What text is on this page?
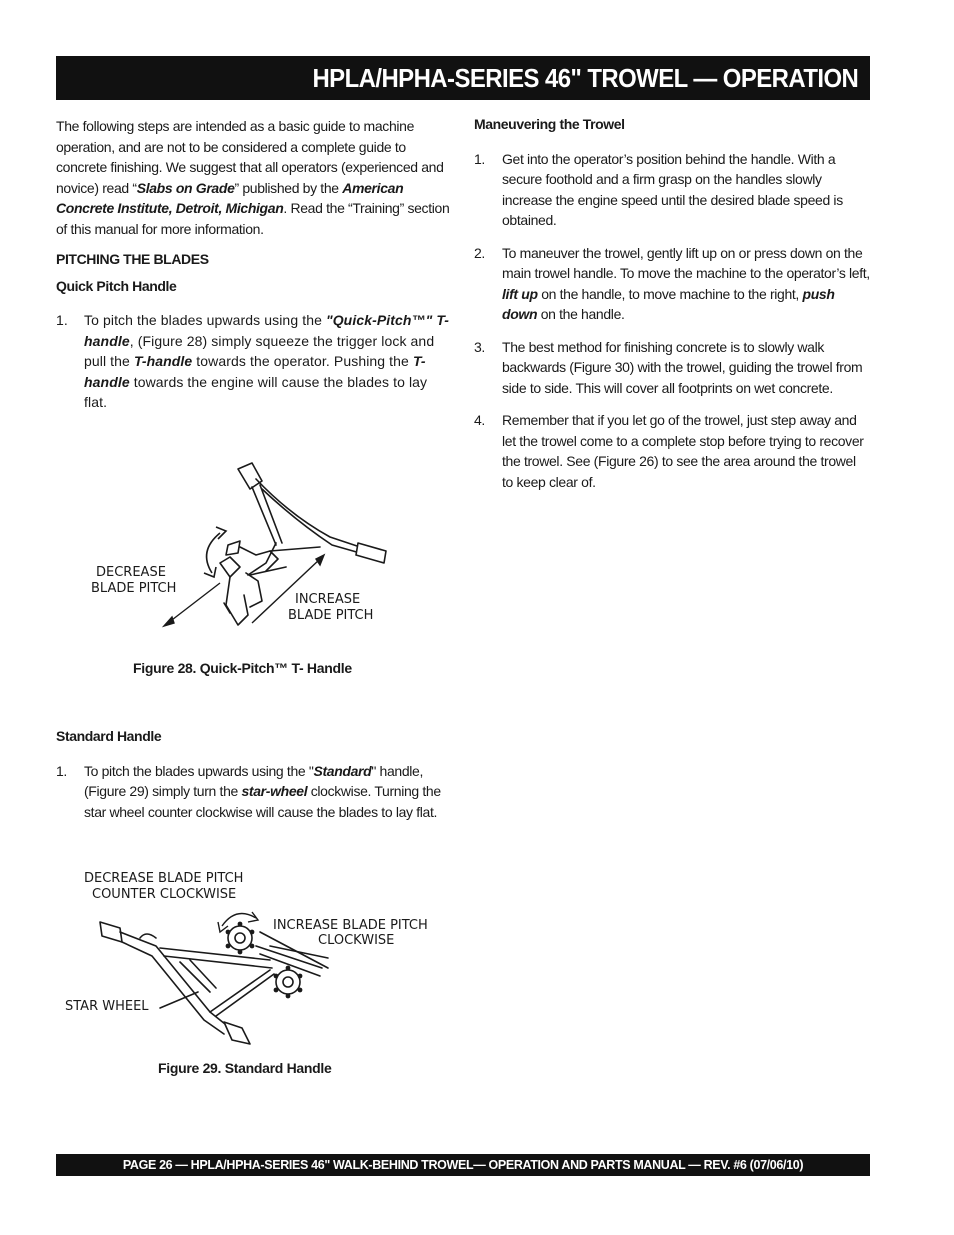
HPLA/HPHA-SERIES 46" TROWEL — OPERATION

The following steps are intended as a basic guide to machine operation, and are not to be considered a complete guide to concrete finishing. We suggest that all operators (experienced and novice) read “Slabs on Grade” published by the American Concrete Institute, Detroit, Michigan. Read the “Training” section of this manual for more information.

PITCHING THE BLADES

Quick Pitch Handle

1. To pitch the blades upwards using the "Quick-Pitch™" T-handle, (Figure 28) simply squeeze the trigger lock and pull the T-handle towards the operator. Pushing the T-handle towards the engine will cause the blades to lay flat.
DECREASE
BLADE PITCH
INCREASE
BLADE PITCH
Figure 28. Quick-Pitch™ T- Handle

Standard Handle

1. To pitch the blades upwards using the "Standard" handle, (Figure 29) simply turn the star-wheel clockwise. Turning the star wheel counter clockwise will cause the blades to lay flat.
DECREASE BLADE PITCH
COUNTER CLOCKWISE
INCREASE BLADE PITCH
CLOCKWISE
STAR WHEEL
Figure 29. Standard Handle

Maneuvering the Trowel

1. Get into the operator’s position behind the handle. With a secure foothold and a firm grasp on the handles slowly increase the engine speed until the desired blade speed is obtained.
2. To maneuver the trowel, gently lift up on or press down on the main trowel handle. To move the machine to the operator’s left, lift up on the handle, to move machine to the right, push down on the handle.
3. The best method for finishing concrete is to slowly walk backwards (Figure 30) with the trowel, guiding the trowel from side to side. This will cover all footprints on wet concrete.
4. Remember that if you let go of the trowel, just step away and let the trowel come to a complete stop before trying to recover the trowel. See (Figure 26) to see the area around the trowel to keep clear of.
PAGE 26 — HPLA/HPHA-SERIES 46" WALK-BEHIND TROWEL— OPERATION AND PARTS MANUAL — REV. #6 (07/06/10)
